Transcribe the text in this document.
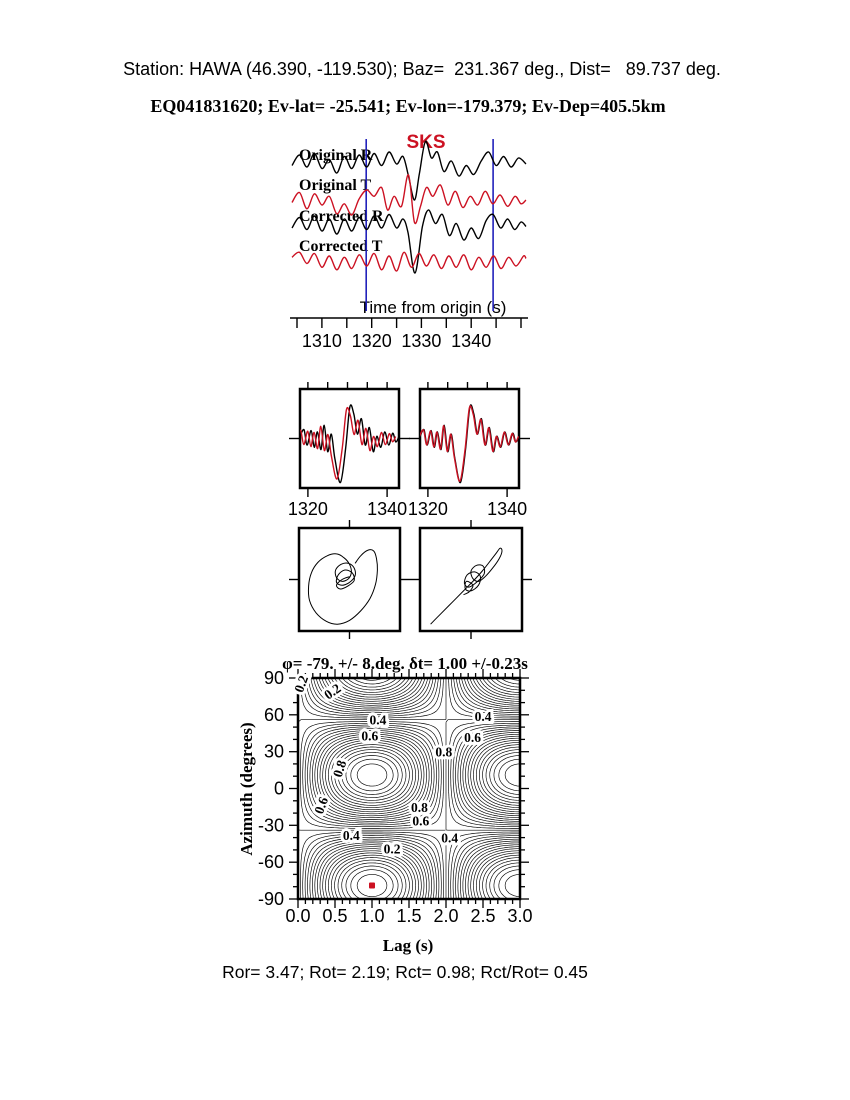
Station: HAWA (46.390, -119.530); Baz=  231.367 deg., Dist=   89.737 deg.
EQ041831620; Ev-lat= -25.541; Ev-lon=-179.379; Ev-Dep=405.5km
SKS
Original R
Original T
Corrected R
Corrected T
Time from origin (s)
1310 1320 1330 1340
1320 1340 1320 1340
φ= -79. +/- 8.deg. δt= 1.00 +/-0.23s
Azimuth (degrees)
Lag (s)
0.0 0.5 1.0 1.5 2.0 2.5 3.0
90
60
30
0
-30
-60
-90
0.2
0.2
0.4	0.4
0.6	0.6
0.8
0.8
0.6	0.8
0.6
0.4	0.4
0.2
Ror= 3.47; Rot= 2.19; Rct= 0.98; Rct/Rot= 0.45
